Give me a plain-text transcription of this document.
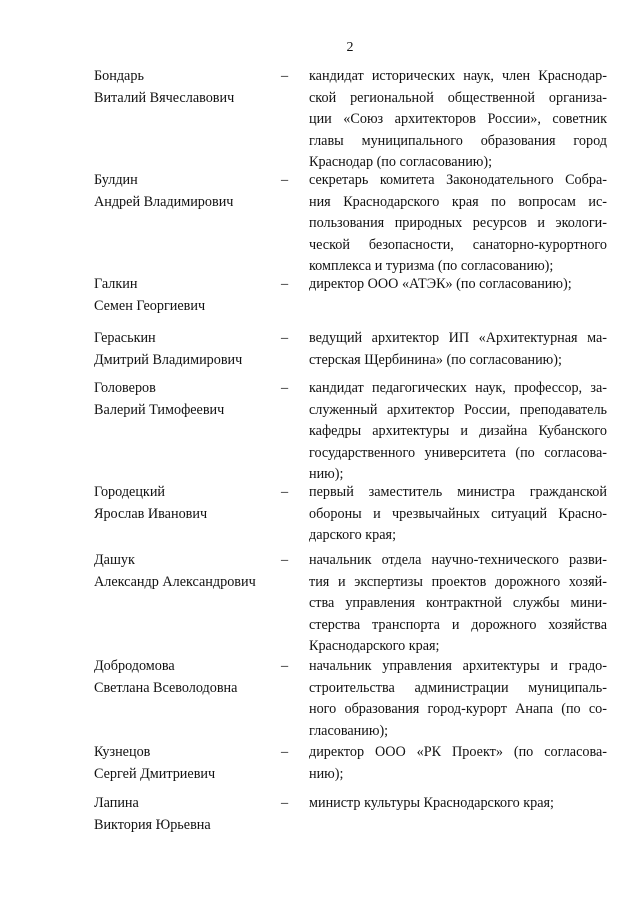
2
Бондарь
Виталий Вячеславович
– кандидат исторических наук, член Краснодар-
ской региональной общественной организа-
ции «Союз архитекторов России», советник
главы муниципального образования город
Краснодар (по согласованию);
Булдин
Андрей Владимирович
– секретарь комитета Законодательного Собра-
ния Краснодарского края по вопросам ис-
пользования природных ресурсов и экологи-
ческой безопасности, санаторно-курортного
комплекса и туризма (по согласованию);
Галкин
Семен Георгиевич
– директор ООО «АТЭК» (по согласованию);
Гераськин
Дмитрий Владимирович
– ведущий архитектор ИП «Архитектурная ма-
стерская Щербинина» (по согласованию);
Головеров
Валерий Тимофеевич
– кандидат педагогических наук, профессор, за-
служенный архитектор России, преподаватель
кафедры архитектуры и дизайна Кубанского
государственного университета (по согласова-
нию);
Городецкий
Ярослав Иванович
– первый заместитель министра гражданской
обороны и чрезвычайных ситуаций Красно-
дарского края;
Дашук
Александр Александрович
– начальник отдела научно-технического разви-
тия и экспертизы проектов дорожного хозяй-
ства управления контрактной службы мини-
стерства транспорта и дорожного хозяйства
Краснодарского края;
Добродомова
Светлана Всеволодовна
– начальник управления архитектуры и градо-
строительства администрации муниципаль-
ного образования город-курорт Анапа (по со-
гласованию);
Кузнецов
Сергей Дмитриевич
– директор ООО «РК Проект» (по согласова-
нию);
Лапина
Виктория Юрьевна
– министр культуры Краснодарского края;
